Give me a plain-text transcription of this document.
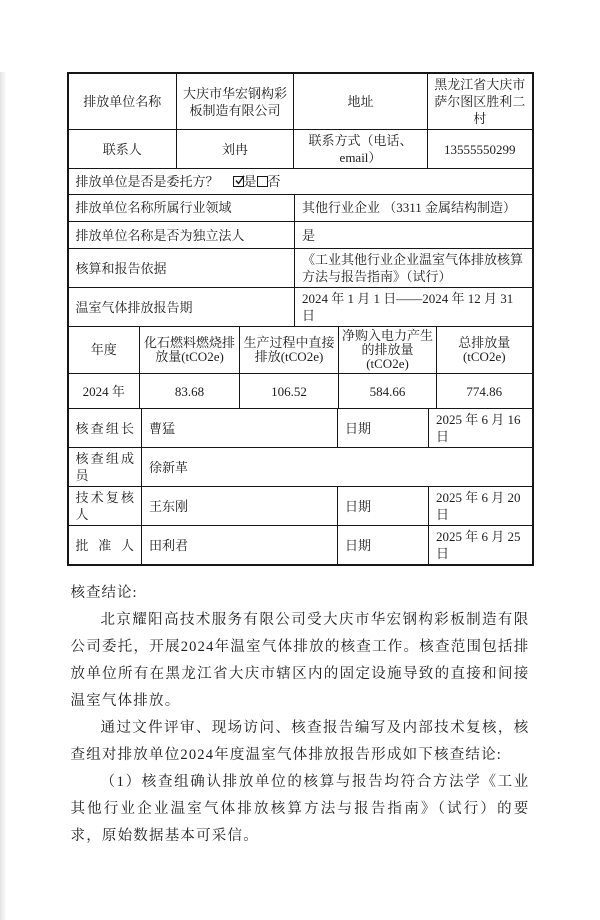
排放单位名称	大庆市华宏钢构彩板制造有限公司	地址	黑龙江省大庆市萨尔图区胜利二村
联系人	刘冉	联系方式（电话、email）	13555550299
排放单位是否是委托方？ 是 否
排放单位名称所属行业领域	其他行业企业 （3311 金属结构制造）
排放单位名称是否为独立法人	是
核算和报告依据	《工业其他行业企业温室气体排放核算方法与报告指南》（试行）
温室气体排放报告期	2024 年 1 月 1 日——2024 年 12 月 31 日
年度	化石燃料燃烧排放量(tCO2e)	生产过程中直接排放(tCO2e)	净购入电力产生的排放量(tCO2e)	总排放量(tCO2e)
2024 年	83.68	106.52	584.66	774.86
核查组长	曹猛	日期	2025 年 6 月 16 日
核查组成员	徐新革		
技术复核人	王东刚	日期	2025 年 6 月 20 日
批 准 人	田利君	日期	2025 年 6 月 25 日
核查结论:

北京耀阳高技术服务有限公司受大庆市华宏钢构彩板制造有限公司委托，开展2024年温室气体排放的核查工作。核查范围包括排放单位所有在黑龙江省大庆市辖区内的固定设施导致的直接和间接温室气体排放。

通过文件评审、现场访问、核查报告编写及内部技术复核，核查组对排放单位2024年度温室气体排放报告形成如下核查结论:

（1）核查组确认排放单位的核算与报告均符合方法学《工业其他行业企业温室气体排放核算方法与报告指南》（试行）的要求，原始数据基本可采信。
